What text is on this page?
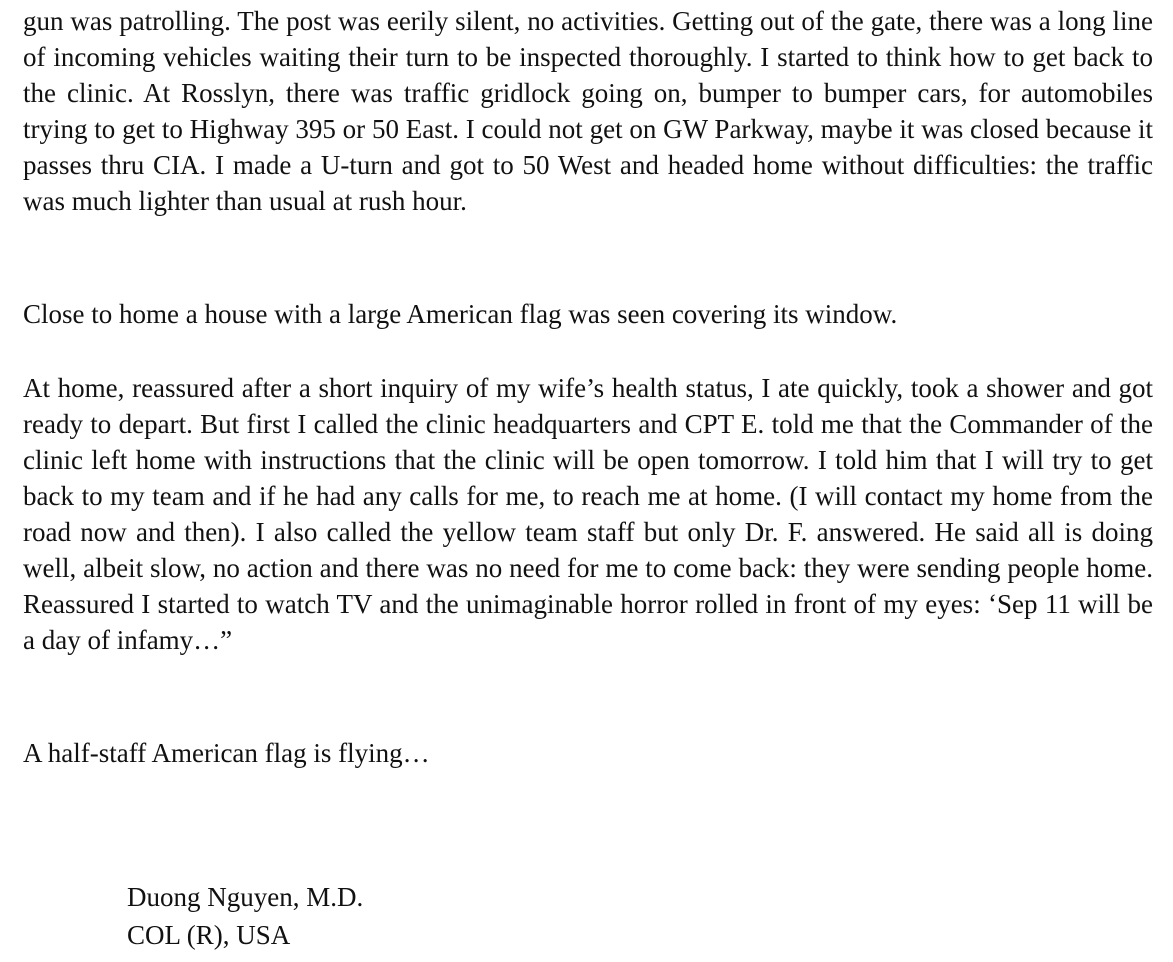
gun was patrolling. The post was eerily silent, no activities. Getting out of the gate, there was a long line of incoming vehicles waiting their turn to be inspected thoroughly. I started to think how to get back to the clinic. At Rosslyn, there was traffic gridlock going on, bumper to bumper cars, for automobiles trying to get to Highway 395 or 50 East. I could not get on GW Parkway, maybe it was closed because it passes thru CIA. I made a U-turn and got to 50 West and headed home without difficulties: the traffic was much lighter than usual at rush hour.

Close to home a house with a large American flag was seen covering its window.

At home, reassured after a short inquiry of my wife’s health status, I ate quickly, took a shower and got ready to depart. But first I called the clinic headquarters and CPT E. told me that the Commander of the clinic left home with instructions that the clinic will be open tomorrow. I told him that I will try to get back to my team and if he had any calls for me, to reach me at home. (I will contact my home from the road now and then). I also called the yellow team staff but only Dr. F. answered. He said all is doing well, albeit slow, no action and there was no need for me to come back: they were sending people home. Reassured I started to watch TV and the unimaginable horror rolled in front of my eyes: ‘Sep 11 will be a day of infamy…”

A half-staff American flag is flying…

Duong Nguyen, M.D.
COL (R), USA
